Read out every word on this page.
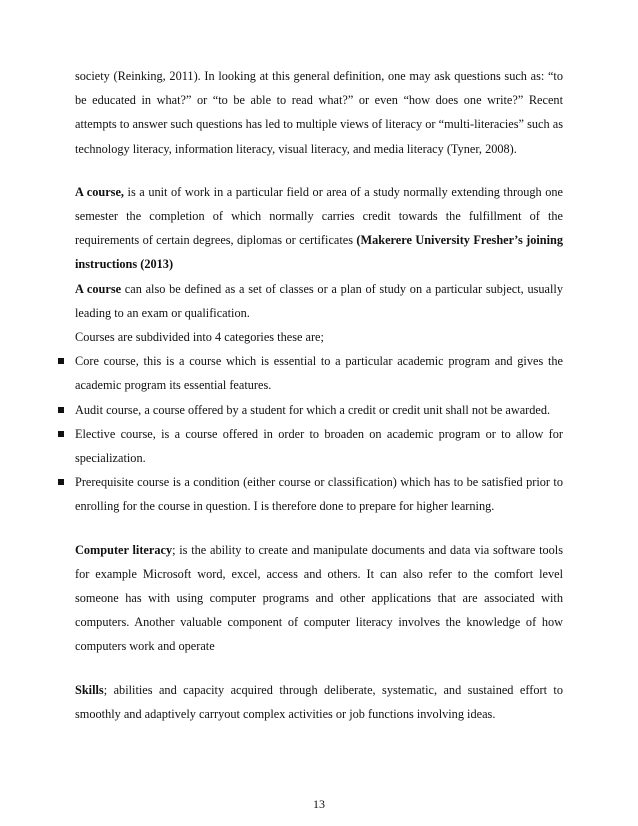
society (Reinking, 2011). In looking at this general definition, one may ask questions such as: “to be educated in what?” or “to be able to read what?” or even “how does one write?” Recent attempts to answer such questions has led to multiple views of literacy or “multi-literacies” such as technology literacy, information literacy, visual literacy, and media literacy (Tyner, 2008).

A course, is a unit of work in a particular field or area of a study normally extending through one semester the completion of which normally carries credit towards the fulfillment of the requirements of certain degrees, diplomas or certificates (Makerere University Fresher’s joining instructions (2013)

A course can also be defined as a set of classes or a plan of study on a particular subject, usually leading to an exam or qualification.

Courses are subdivided into 4 categories these are;

Core course, this is a course which is essential to a particular academic program and gives the academic program its essential features.
Audit course, a course offered by a student for which a credit or credit unit shall not be awarded.
Elective course, is a course offered in order to broaden on academic program or to allow for specialization.
Prerequisite course is a condition (either course or classification) which has to be satisfied prior to enrolling for the course in question. I is therefore done to prepare for higher learning.

Computer literacy; is the ability to create and manipulate documents and data via software tools for example Microsoft word, excel, access and others. It can also refer to the comfort level someone has with using computer programs and other applications that are associated with computers. Another valuable component of computer literacy involves the knowledge of how computers work and operate

Skills; abilities and capacity acquired through deliberate, systematic, and sustained effort to smoothly and adaptively carryout complex activities or job functions involving ideas.

13
